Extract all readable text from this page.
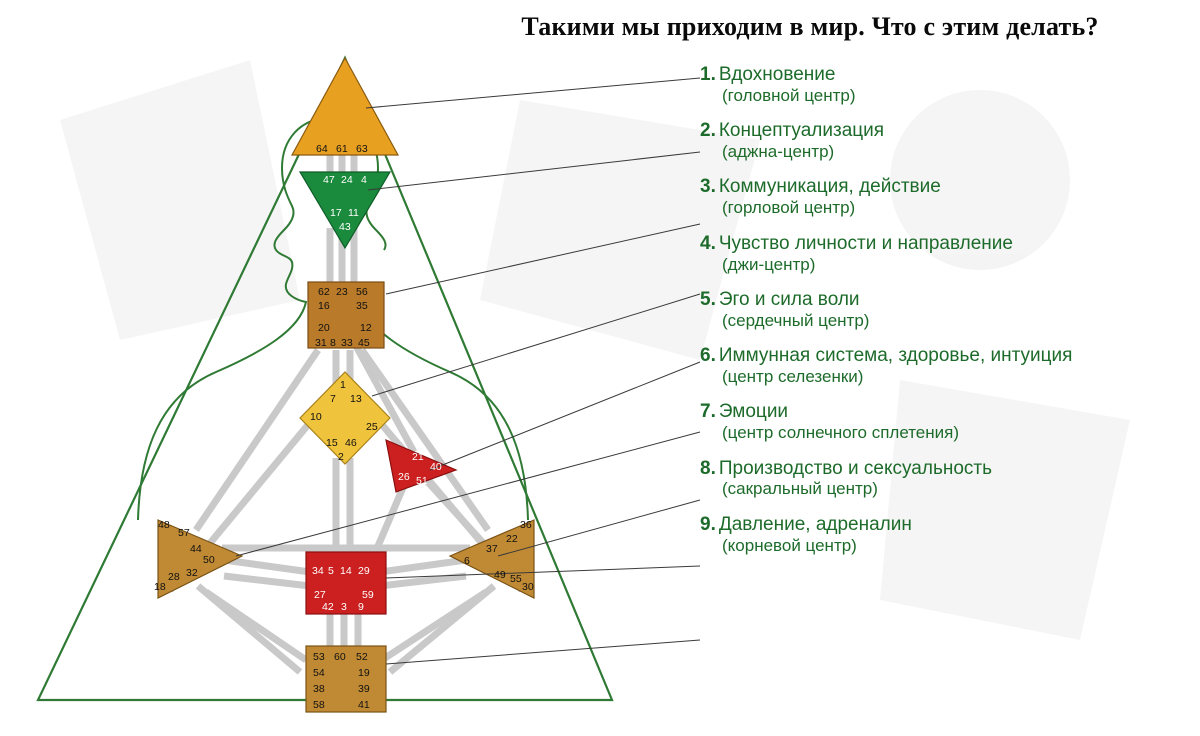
64 61 63
47 24 4
17 11
43
62 23 56
16	35
20	12
31 8 33 45
1
7 13
10
25
15 46
2	21
40
26 51
48
57
44
50
32
28
18
36
22
37
6
49 55
30
34 5 14 29
27	59
42 3 9
53 60 52
54	19
38	39
58	41
Такими мы приходим в мир. Что с этим делать?
1. Вдохновение
(головной центр)
2. Концептуализация
(аджна-центр)
3. Коммуникация, действие
(горловой центр)
4. Чувство личности и направление
(джи-центр)
5. Эго и сила воли
(сердечный центр)
6. Иммунная система, здоровье, интуиция
(центр селезенки)
7. Эмоции
(центр солнечного сплетения)
8. Производство и сексуальность
(сакральный центр)
9. Давление, адреналин
(корневой центр)
